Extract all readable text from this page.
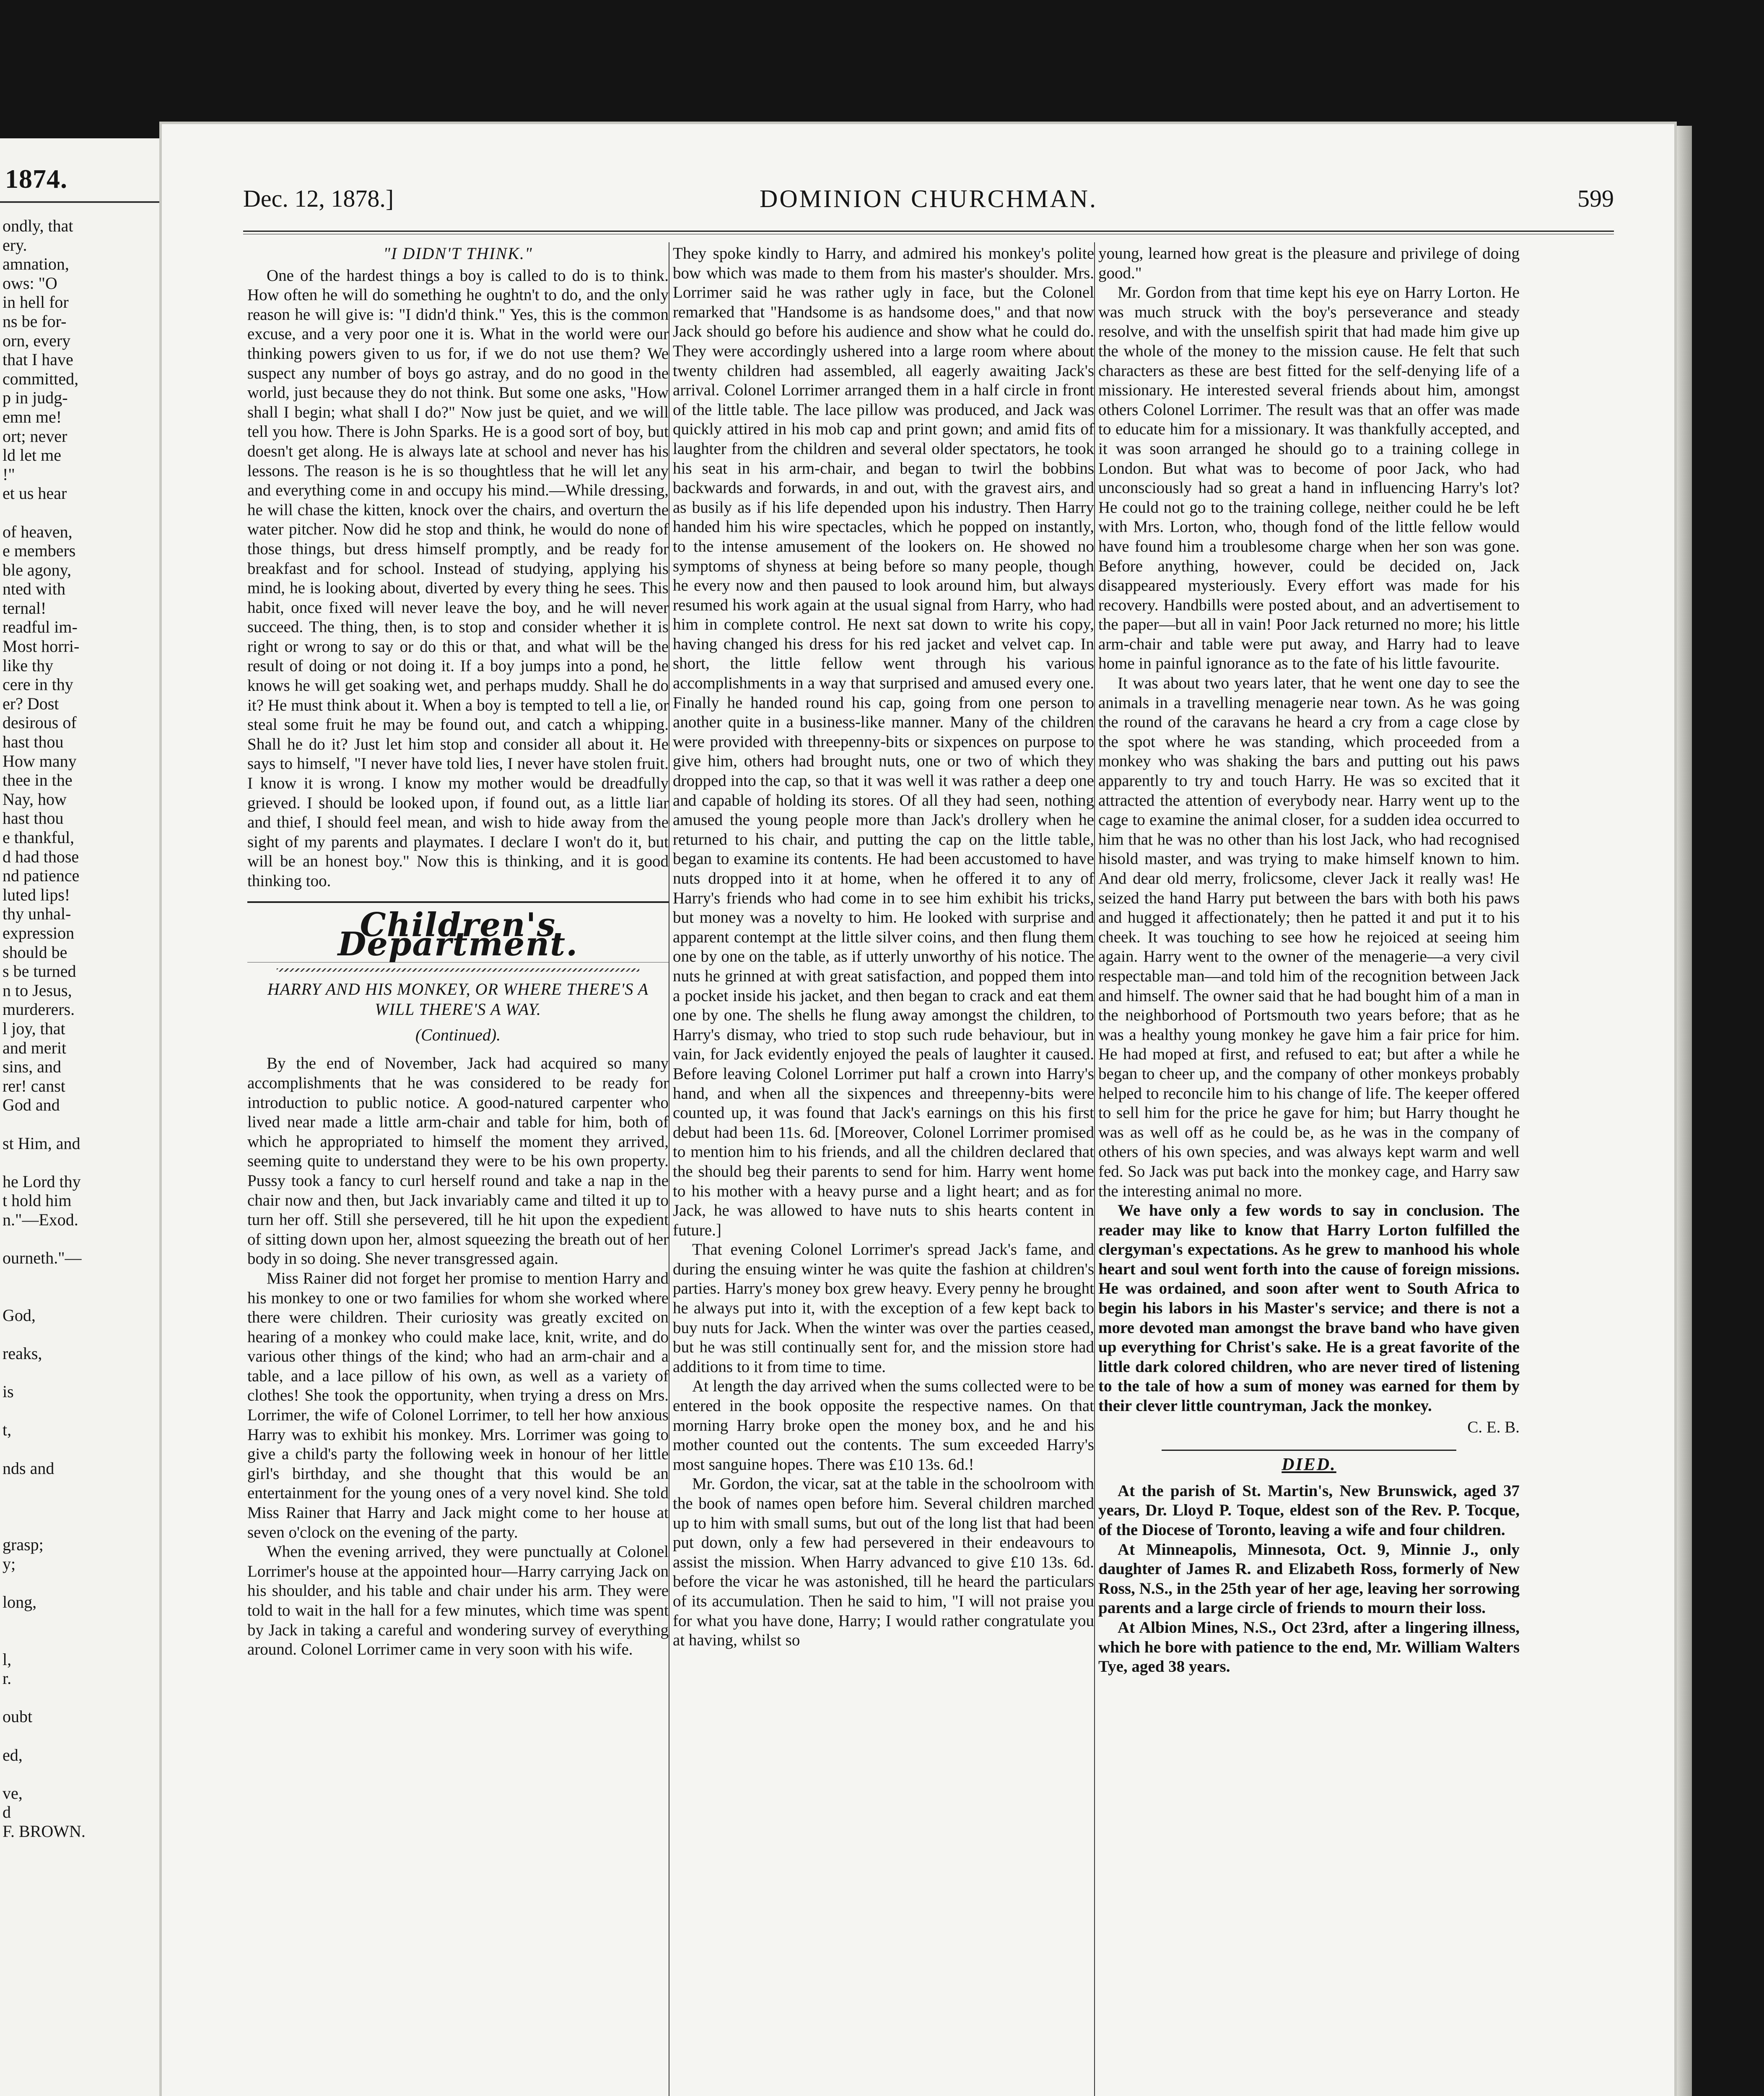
1874.
ondly, that
ery.
amnation,
ows: "O
in hell for
ns be for-
orn, every
that I have
committed,
p in judg-
emn me!
ort; never
ld let me
!"
et us hear

of heaven,
e members
ble agony,
nted with
ternal!
readful im-
Most horri-
like thy
cere in thy
er? Dost
desirous of
hast thou
How many
thee in the
Nay, how
hast thou
e thankful,
d had those
nd patience
luted lips!
thy unhal-
expression
should be
s be turned
n to Jesus,
murderers.
l joy, that
and merit
sins, and
rer! canst
God and

st Him, and

he Lord thy
t hold him
n."—Exod.

ourneth."—

God,

reaks,

is

t,

nds and

grasp;
y;

long,

l,
r.

oubt

ed,

ve,
d
F. BROWN.
Dec. 12, 1878.]	DOMINION CHURCHMAN.	599
"I DIDN'T THINK."

One of the hardest things a boy is called to do is to think. How often he will do something he oughtn't to do, and the only reason he will give is: "I didn'd think." Yes, this is the common excuse, and a very poor one it is. What in the world were our thinking powers given to us for, if we do not use them? We suspect any number of boys go astray, and do no good in the world, just because they do not think. But some one asks, "How shall I begin; what shall I do?" Now just be quiet, and we will tell you how. There is John Sparks. He is a good sort of boy, but doesn't get along. He is always late at school and never has his lessons. The reason is he is so thoughtless that he will let any and everything come in and occupy his mind.—While dressing, he will chase the kitten, knock over the chairs, and overturn the water pitcher. Now did he stop and think, he would do none of those things, but dress himself promptly, and be ready for breakfast and for school. Instead of studying, applying his mind, he is looking about, diverted by every thing he sees. This habit, once fixed will never leave the boy, and he will never succeed. The thing, then, is to stop and consider whether it is right or wrong to say or do this or that, and what will be the result of doing or not doing it. If a boy jumps into a pond, he knows he will get soaking wet, and perhaps muddy. Shall he do it? He must think about it. When a boy is tempted to tell a lie, or steal some fruit he may be found out, and catch a whipping. Shall he do it? Just let him stop and consider all about it. He says to himself, "I never have told lies, I never have stolen fruit. I know it is wrong. I know my mother would be dreadfully grieved. I should be looked upon, if found out, as a little liar and thief, I should feel mean, and wish to hide away from the sight of my parents and playmates. I declare I won't do it, but will be an honest boy." Now this is thinking, and it is good thinking too.

Children's Department.
HARRY AND HIS MONKEY, OR WHERE THERE'S A WILL THERE'S A WAY.
(Continued).

By the end of November, Jack had acquired so many accomplishments that he was considered to be ready for introduction to public notice. A good-natured carpenter who lived near made a little arm-chair and table for him, both of which he appropriated to himself the moment they arrived, seeming quite to understand they were to be his own property. Pussy took a fancy to curl herself round and take a nap in the chair now and then, but Jack invariably came and tilted it up to turn her off. Still she persevered, till he hit upon the expedient of sitting down upon her, almost squeezing the breath out of her body in so doing. She never transgressed again.

Miss Rainer did not forget her promise to mention Harry and his monkey to one or two families for whom she worked where there were children. Their curiosity was greatly excited on hearing of a monkey who could make lace, knit, write, and do various other things of the kind; who had an arm-chair and a table, and a lace pillow of his own, as well as a variety of clothes! She took the opportunity, when trying a dress on Mrs. Lorrimer, the wife of Colonel Lorrimer, to tell her how anxious Harry was to exhibit his monkey. Mrs. Lorrimer was going to give a child's party the following week in honour of her little girl's birthday, and she thought that this would be an entertainment for the young ones of a very novel kind. She told Miss Rainer that Harry and Jack might come to her house at seven o'clock on the evening of the party.

When the evening arrived, they were punctually at Colonel Lorrimer's house at the appointed hour—Harry carrying Jack on his shoulder, and his table and chair under his arm. They were told to wait in the hall for a few minutes, which time was spent by Jack in taking a careful and wondering survey of everything around. Colonel Lorrimer came in very soon with his wife.

They spoke kindly to Harry, and admired his monkey's polite bow which was made to them from his master's shoulder. Mrs. Lorrimer said he was rather ugly in face, but the Colonel remarked that "Handsome is as handsome does," and that now Jack should go before his audience and show what he could do. They were accordingly ushered into a large room where about twenty children had assembled, all eagerly awaiting Jack's arrival. Colonel Lorrimer arranged them in a half circle in front of the little table. The lace pillow was produced, and Jack was quickly attired in his mob cap and print gown; and amid fits of laughter from the children and several older spectators, he took his seat in his arm-chair, and began to twirl the bobbins backwards and forwards, in and out, with the gravest airs, and as busily as if his life depended upon his industry. Then Harry handed him his wire spectacles, which he popped on instantly, to the intense amusement of the lookers on. He showed no symptoms of shyness at being before so many people, though he every now and then paused to look around him, but always resumed his work again at the usual signal from Harry, who had him in complete control. He next sat down to write his copy, having changed his dress for his red jacket and velvet cap. In short, the little fellow went through his various accomplishments in a way that surprised and amused every one. Finally he handed round his cap, going from one person to another quite in a business-like manner. Many of the children were provided with threepenny-bits or sixpences on purpose to give him, others had brought nuts, one or two of which they dropped into the cap, so that it was well it was rather a deep one and capable of holding its stores. Of all they had seen, nothing amused the young people more than Jack's drollery when he returned to his chair, and putting the cap on the little table, began to examine its contents. He had been accustomed to have nuts dropped into it at home, when he offered it to any of Harry's friends who had come in to see him exhibit his tricks, but money was a novelty to him. He looked with surprise and apparent contempt at the little silver coins, and then flung them one by one on the table, as if utterly unworthy of his notice. The nuts he grinned at with great satisfaction, and popped them into a pocket inside his jacket, and then began to crack and eat them one by one. The shells he flung away amongst the children, to Harry's dismay, who tried to stop such rude behaviour, but in vain, for Jack evidently enjoyed the peals of laughter it caused. Before leaving Colonel Lorrimer put half a crown into Harry's hand, and when all the sixpences and threepenny-bits were counted up, it was found that Jack's earnings on this his first debut had been 11s. 6d. [Moreover, Colonel Lorrimer promised to mention him to his friends, and all the children declared that the should beg their parents to send for him. Harry went home to his mother with a heavy purse and a light heart; and as for Jack, he was allowed to have nuts to shis hearts content in future.]

That evening Colonel Lorrimer's spread Jack's fame, and during the ensuing winter he was quite the fashion at children's parties. Harry's money box grew heavy. Every penny he brought he always put into it, with the exception of a few kept back to buy nuts for Jack. When the winter was over the parties ceased, but he was still continually sent for, and the mission store had additions to it from time to time.

At length the day arrived when the sums collected were to be entered in the book opposite the respective names. On that morning Harry broke open the money box, and he and his mother counted out the contents. The sum exceeded Harry's most sanguine hopes. There was £10 13s. 6d.!

Mr. Gordon, the vicar, sat at the table in the schoolroom with the book of names open before him. Several children marched up to him with small sums, but out of the long list that had been put down, only a few had persevered in their endeavours to assist the mission. When Harry advanced to give £10 13s. 6d. before the vicar he was astonished, till he heard the particulars of its accumulation. Then he said to him, "I will not praise you for what you have done, Harry; I would rather congratulate you at having, whilst so

young, learned how great is the pleasure and privilege of doing good."

Mr. Gordon from that time kept his eye on Harry Lorton. He was much struck with the boy's perseverance and steady resolve, and with the unselfish spirit that had made him give up the whole of the money to the mission cause. He felt that such characters as these are best fitted for the self-denying life of a missionary. He interested several friends about him, amongst others Colonel Lorrimer. The result was that an offer was made to educate him for a missionary. It was thankfully accepted, and it was soon arranged he should go to a training college in London. But what was to become of poor Jack, who had unconsciously had so great a hand in influencing Harry's lot? He could not go to the training college, neither could he be left with Mrs. Lorton, who, though fond of the little fellow would have found him a troublesome charge when her son was gone. Before anything, however, could be decided on, Jack disappeared mysteriously. Every effort was made for his recovery. Handbills were posted about, and an advertisement to the paper—but all in vain! Poor Jack returned no more; his little arm-chair and table were put away, and Harry had to leave home in painful ignorance as to the fate of his little favourite.

It was about two years later, that he went one day to see the animals in a travelling menagerie near town. As he was going the round of the caravans he heard a cry from a cage close by the spot where he was standing, which proceeded from a monkey who was shaking the bars and putting out his paws apparently to try and touch Harry. He was so excited that it attracted the attention of everybody near. Harry went up to the cage to examine the animal closer, for a sudden idea occurred to him that he was no other than his lost Jack, who had recognised hisold master, and was trying to make himself known to him. And dear old merry, frolicsome, clever Jack it really was! He seized the hand Harry put between the bars with both his paws and hugged it affectionately; then he patted it and put it to his cheek. It was touching to see how he rejoiced at seeing him again. Harry went to the owner of the menagerie—a very civil respectable man—and told him of the recognition between Jack and himself. The owner said that he had bought him of a man in the neighborhood of Portsmouth two years before; that as he was a healthy young monkey he gave him a fair price for him. He had moped at first, and refused to eat; but after a while he began to cheer up, and the company of other monkeys probably helped to reconcile him to his change of life. The keeper offered to sell him for the price he gave for him; but Harry thought he was as well off as he could be, as he was in the company of others of his own species, and was always kept warm and well fed. So Jack was put back into the monkey cage, and Harry saw the interesting animal no more.

We have only a few words to say in conclusion. The reader may like to know that Harry Lorton fulfilled the clergyman's expectations. As he grew to manhood his whole heart and soul went forth into the cause of foreign missions. He was ordained, and soon after went to South Africa to begin his labors in his Master's service; and there is not a more devoted man amongst the brave band who have given up everything for Christ's sake. He is a great favorite of the little dark colored children, who are never tired of listening to the tale of how a sum of money was earned for them by their clever little countryman, Jack the monkey.

C. E. B.
DIED.

At the parish of St. Martin's, New Brunswick, aged 37 years, Dr. Lloyd P. Toque, eldest son of the Rev. P. Tocque, of the Diocese of Toronto, leaving a wife and four children.

At Minneapolis, Minnesota, Oct. 9, Minnie J., only daughter of James R. and Elizabeth Ross, formerly of New Ross, N.S., in the 25th year of her age, leaving her sorrowing parents and a large circle of friends to mourn their loss.

At Albion Mines, N.S., Oct 23rd, after a lingering illness, which he bore with patience to the end, Mr. William Walters Tye, aged 38 years.
